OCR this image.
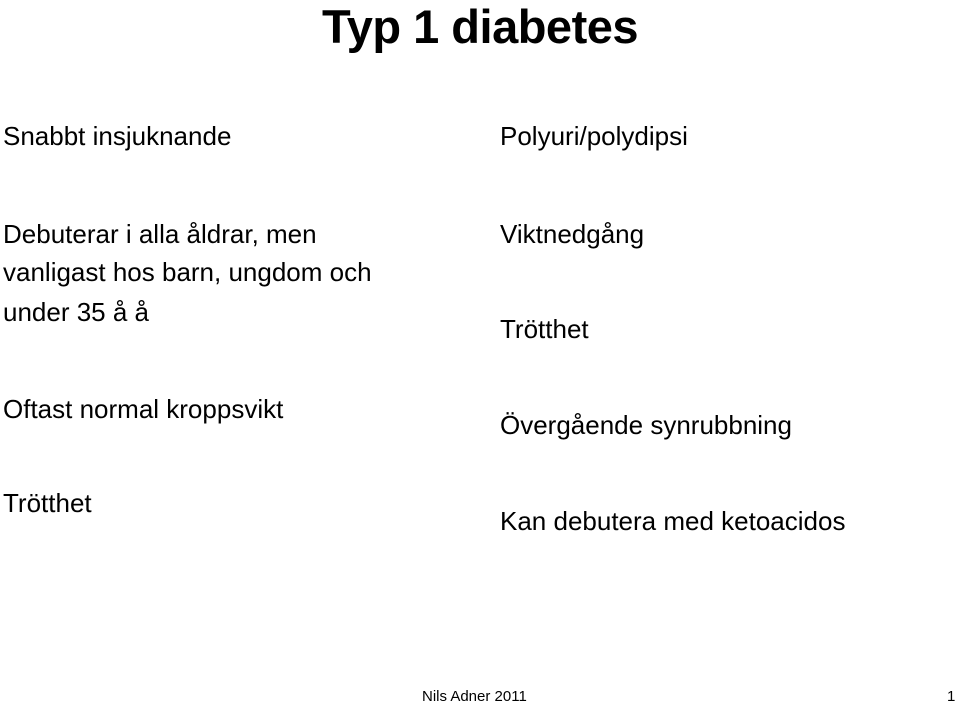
Typ 1 diabetes
Snabbt insjuknande
Debuterar i alla åldrar, men
vanligast hos barn, ungdom och
under 35 å å
Oftast normal kroppsvikt
Trötthet
Polyuri/polydipsi
Viktnedgång
Trötthet
Övergående synrubbning
Kan debutera med ketoacidos
Nils Adner 2011	1
